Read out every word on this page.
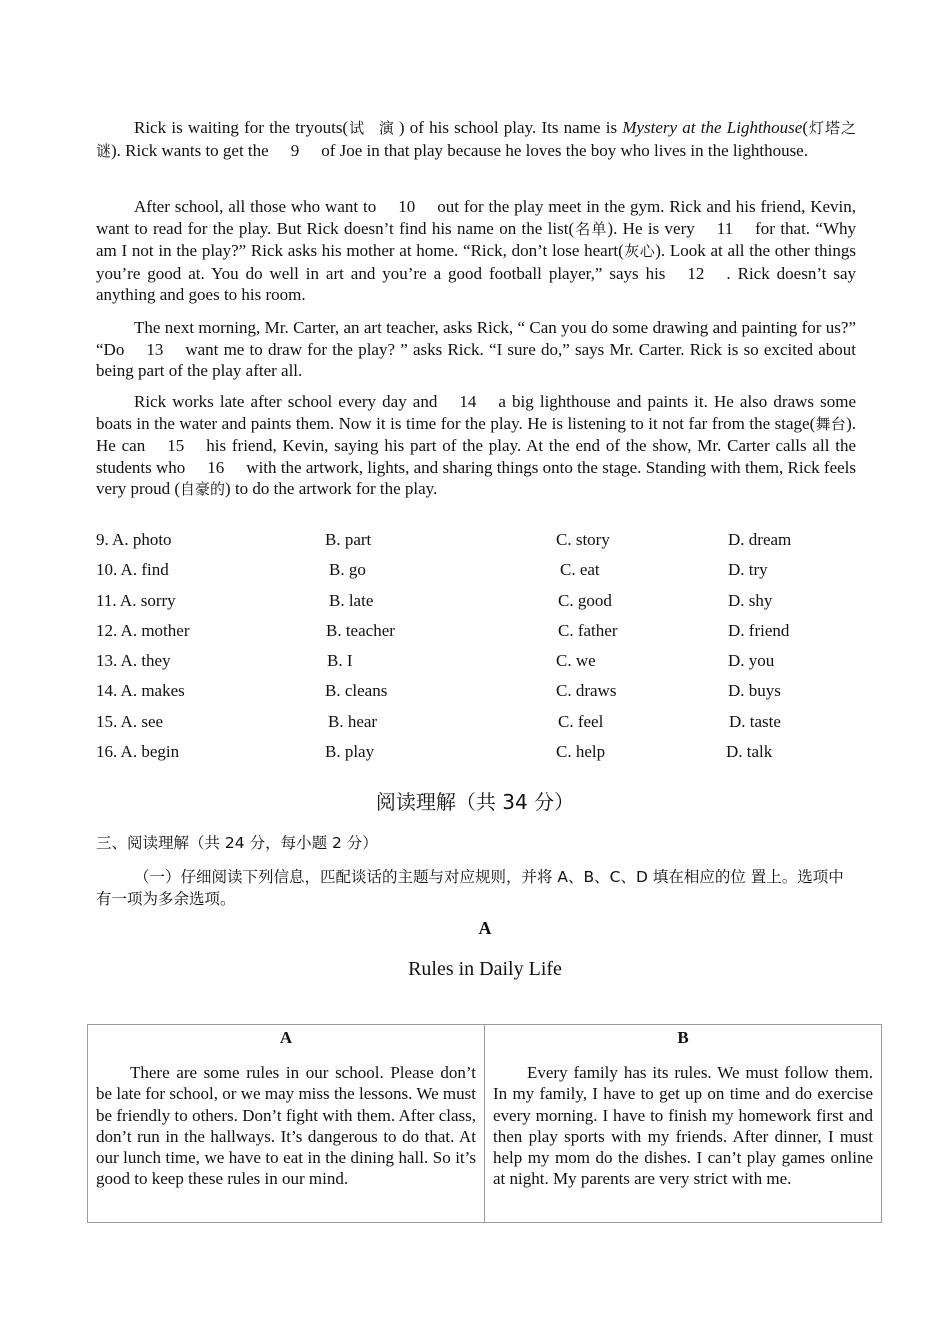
Rick is waiting for the tryouts(试 演) of his school play. Its name is Mystery at the Lighthouse(灯塔之谜). Rick wants to get the 9 of Joe in that play because he loves the boy who lives in the lighthouse.

After school, all those who want to 10 out for the play meet in the gym. Rick and his friend, Kevin, want to read for the play. But Rick doesn’t find his name on the list(名单). He is very 11 for that. “Why am I not in the play?” Rick asks his mother at home. “Rick, don’t lose heart(灰心). Look at all the other things you’re good at. You do well in art and you’re a good football player,” says his 12 . Rick doesn’t say anything and goes to his room.

The next morning, Mr. Carter, an art teacher, asks Rick, “ Can you do some drawing and painting for us?” “Do 13 want me to draw for the play? ” asks Rick. “I sure do,” says Mr. Carter. Rick is so excited about being part of the play after all.

Rick works late after school every day and 14 a big lighthouse and paints it. He also draws some boats in the water and paints them. Now it is time for the play. He is listening to it not far from the stage(舞台). He can 15 his friend, Kevin, saying his part of the play. At the end of the show, Mr. Carter calls all the students who 16 with the artwork, lights, and sharing things onto the stage. Standing with them, Rick feels very proud (自豪的) to do the artwork for the play.

9. A. photo	B. part	C. story	D. dream
10. A. find	B. go	C. eat	D. try
11. A. sorry	B. late	C. good	D. shy
12. A. mother	B. teacher	C. father	D. friend
13. A. they	B. I	C. we	D. you
14. A. makes	B. cleans	C. draws	D. buys
15. A. see	B. hear	C. feel	D. taste
16. A. begin	B. play	C. help	D. talk
阅读理解（共 34 分）

三、阅读理解（共 24 分，每小题 2 分）

（一）仔细阅读下列信息，匹配谈话的主题与对应规则，并将 A、B、C、D 填在相应的位 置上。选项中有一项为多余选项。

A
Rules in Daily Life
A

There are some rules in our school. Please don’t be late for school, or we may miss the lessons. We must be friendly to others. Don’t fight with them. After class, don’t run in the hallways. It’s dangerous to do that. At our lunch time, we have to eat in the dining hall. So it’s good to keep these rules in our mind.

B

Every family has its rules. We must follow them. In my family, I have to get up on time and do exercise every morning. I have to finish my homework first and then play sports with my friends. After dinner, I must help my mom do the dishes. I can’t play games online at night. My parents are very strict with me.
